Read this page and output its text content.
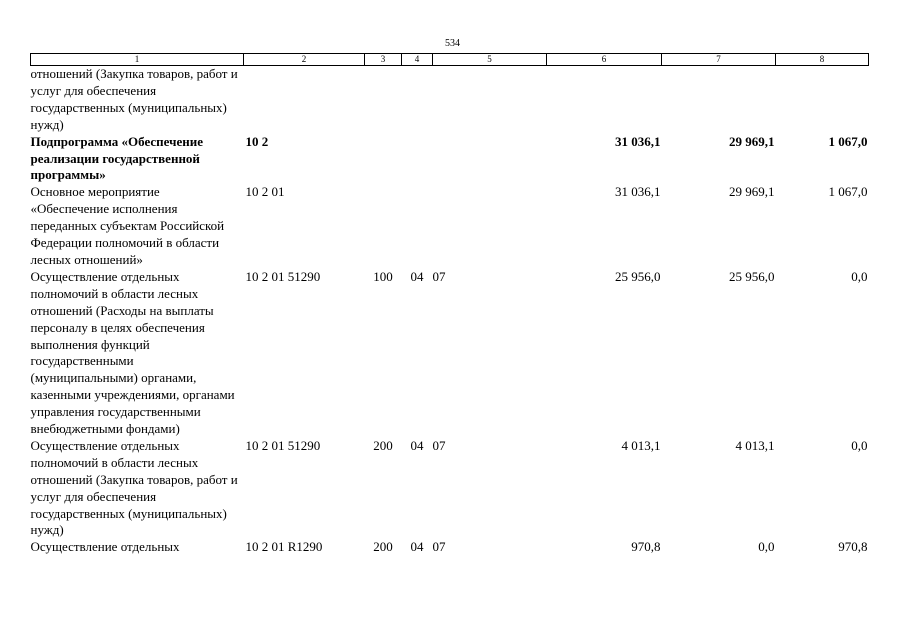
534
1	2	3	4	5	6	7	8
отношений (Закупка товаров, работ и услуг для обеспечения государственных (муниципальных) нужд)							
Подпрограмма «Обеспечение реализации государственной программы»	10 2				31 036,1	29 969,1	1 067,0
Основное мероприятие «Обеспечение исполнения переданных субъектам Российской Федерации полномочий в области лесных отношений»	10 2 01				31 036,1	29 969,1	1 067,0
Осуществление отдельных полномочий в области лесных отношений (Расходы на выплаты персоналу в целях обеспечения выполнения функций государственными (муниципальными) органами, казенными учреждениями, органами управления государственными внебюджетными фондами)	10 2 01 51290	100	04	07	25 956,0	25 956,0	0,0
Осуществление отдельных полномочий в области лесных отношений (Закупка товаров, работ и услуг для обеспечения государственных (муниципальных) нужд)	10 2 01 51290	200	04	07	4 013,1	4 013,1	0,0
Осуществление отдельных	10 2 01 R1290	200	04	07	970,8	0,0	970,8
